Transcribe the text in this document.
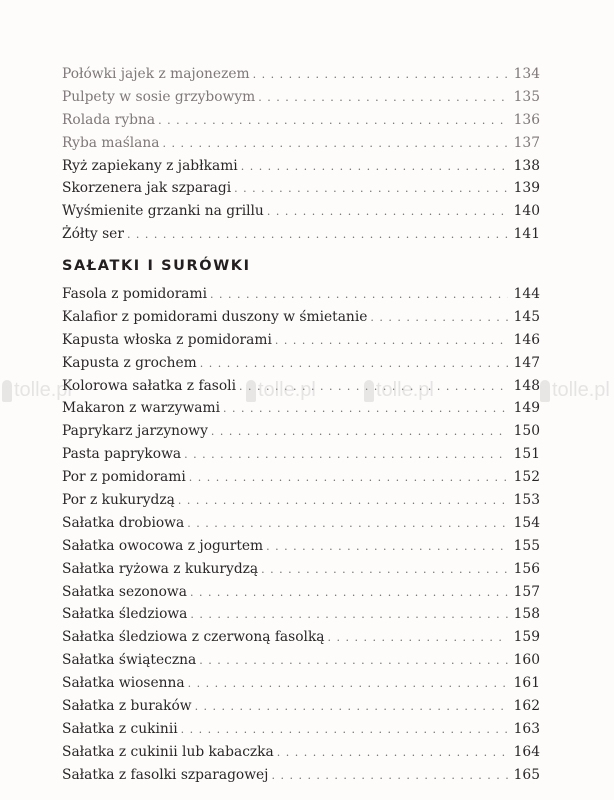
Połówki jajek z majonezem . . .	134
Pulpety w sosie grzybowym . . .	135
Rolada rybna . . .	136
Ryba maślana . . .	137
Ryż zapiekany z jabłkami . . .	138
Skorzenera jak szparagi . . .	139
Wyśmienite grzanki na grillu . . .	140
Żółty ser . . .	141
SAŁATKI I SURÓWKI
Fasola z pomidorami . . .	144
Kalafior z pomidorami duszony w śmietanie . . .	145
Kapusta włoska z pomidorami . . .	146
Kapusta z grochem . . .	147
Kolorowa sałatka z fasoli . . .	148
Makaron z warzywami . . .	149
Paprykarz jarzynowy . . .	150
Pasta paprykowa . . .	151
Por z pomidorami . . .	152
Por z kukurydzą . . .	153
Sałatka drobiowa . . .	154
Sałatka owocowa z jogurtem . . .	155
Sałatka ryżowa z kukurydzą . . .	156
Sałatka sezonowa . . .	157
Sałatka śledziowa . . .	158
Sałatka śledziowa z czerwoną fasolką . . .	159
Sałatka świąteczna . . .	160
Sałatka wiosenna . . .	161
Sałatka z buraków . . .	162
Sałatka z cukinii . . .	163
Sałatka z cukinii lub kabaczka . . .	164
Sałatka z fasolki szparagowej . . .	165
tolle.pl	tolle.pl	tolle.pl	tolle.pl
